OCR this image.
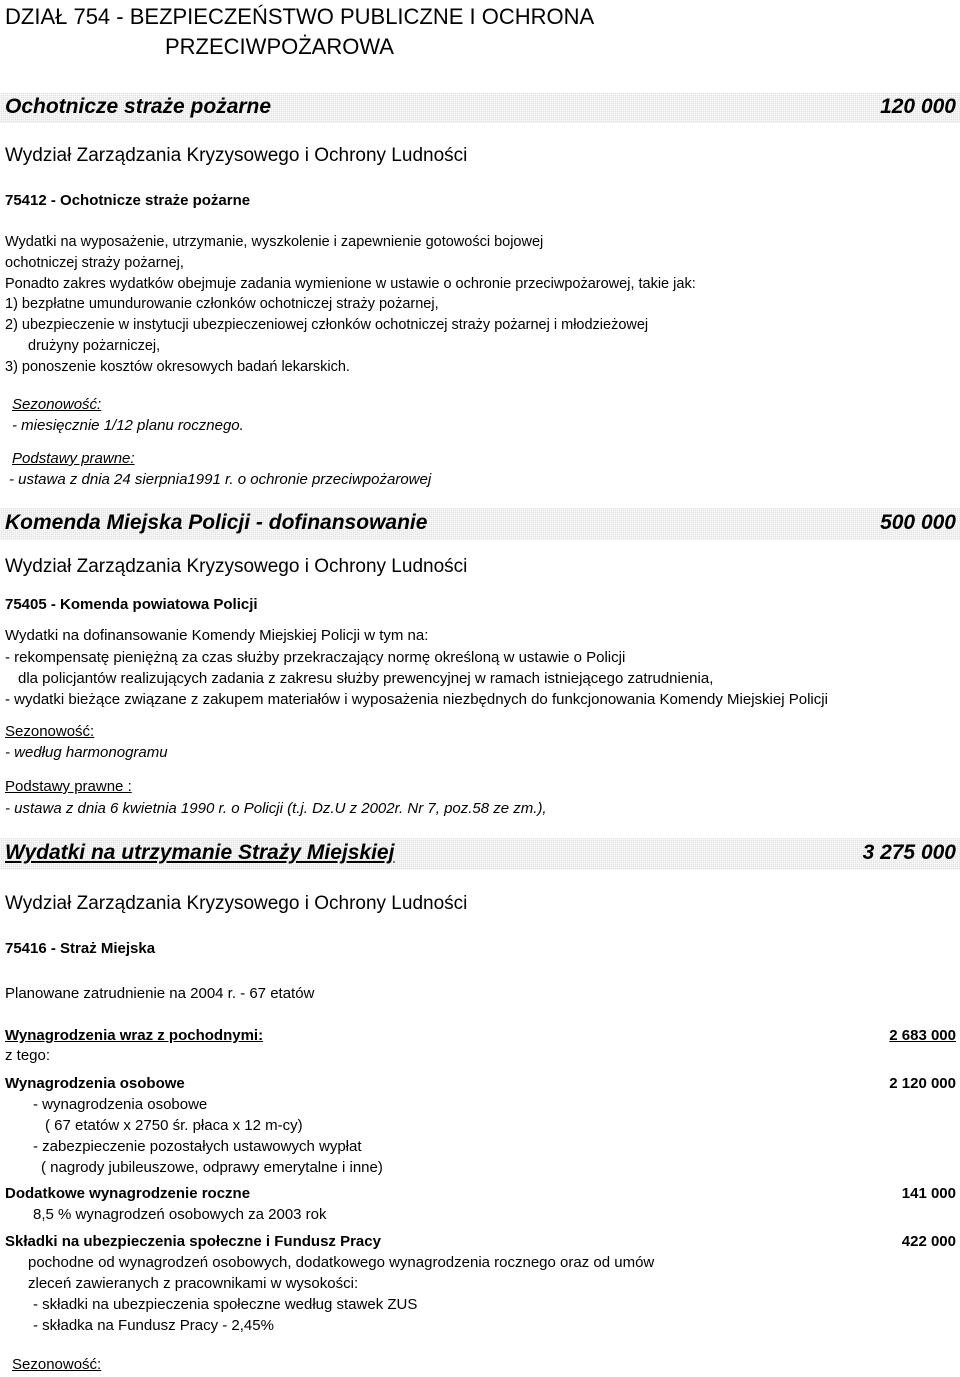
DZIAŁ 754 - BEZPIECZEŃSTWO PUBLICZNE I OCHRONA
PRZECIWPOŻAROWA
Ochotnicze straże pożarne	120 000
Wydział Zarządzania Kryzysowego i Ochrony Ludności
75412 - Ochotnicze straże pożarne
Wydatki na wyposażenie, utrzymanie, wyszkolenie i zapewnienie gotowości bojowej
ochotniczej straży pożarnej,
Ponadto zakres wydatków obejmuje zadania wymienione w ustawie o ochronie przeciwpożarowej, takie jak:
1) bezpłatne umundurowanie członków ochotniczej straży pożarnej,
2) ubezpieczenie w instytucji ubezpieczeniowej członków ochotniczej straży pożarnej i młodzieżowej
drużyny pożarniczej,
3) ponoszenie kosztów okresowych badań lekarskich.
Sezonowość:
- miesięcznie 1/12 planu rocznego.
Podstawy prawne:
- ustawa z dnia 24 sierpnia1991 r. o ochronie przeciwpożarowej
Komenda Miejska Policji - dofinansowanie	500 000
Wydział Zarządzania Kryzysowego i Ochrony Ludności
75405 - Komenda powiatowa Policji
Wydatki na dofinansowanie Komendy Miejskiej Policji w tym na:
- rekompensatę pieniężną za czas służby przekraczający normę określoną w ustawie o Policji
dla policjantów realizujących zadania z zakresu służby prewencyjnej w ramach istniejącego zatrudnienia,
- wydatki bieżące związane z zakupem materiałów i wyposażenia niezbędnych do funkcjonowania Komendy Miejskiej Policji
Sezonowość:
- według harmonogramu
Podstawy prawne :
- ustawa z dnia 6 kwietnia 1990 r. o Policji (t.j. Dz.U z 2002r. Nr 7, poz.58 ze zm.),
Wydatki na utrzymanie Straży Miejskiej	3 275 000
Wydział Zarządzania Kryzysowego i Ochrony Ludności
75416 - Straż Miejska
Planowane zatrudnienie na 2004 r. - 67 etatów
Wynagrodzenia wraz z pochodnymi:	2 683 000
z tego:
Wynagrodzenia osobowe	2 120 000
- wynagrodzenia osobowe
( 67 etatów x 2750 śr. płaca x 12 m-cy)
- zabezpieczenie pozostałych ustawowych wypłat
( nagrody jubileuszowe, odprawy emerytalne i inne)
Dodatkowe wynagrodzenie roczne	141 000
8,5 % wynagrodzeń osobowych za 2003 rok
Składki na ubezpieczenia społeczne i Fundusz Pracy	422 000
pochodne od wynagrodzeń osobowych, dodatkowego wynagrodzenia rocznego oraz od umów
zleceń zawieranych z pracownikami w wysokości:
- składki na ubezpieczenia społeczne według stawek ZUS
- składka na Fundusz Pracy - 2,45%
Sezonowość:
